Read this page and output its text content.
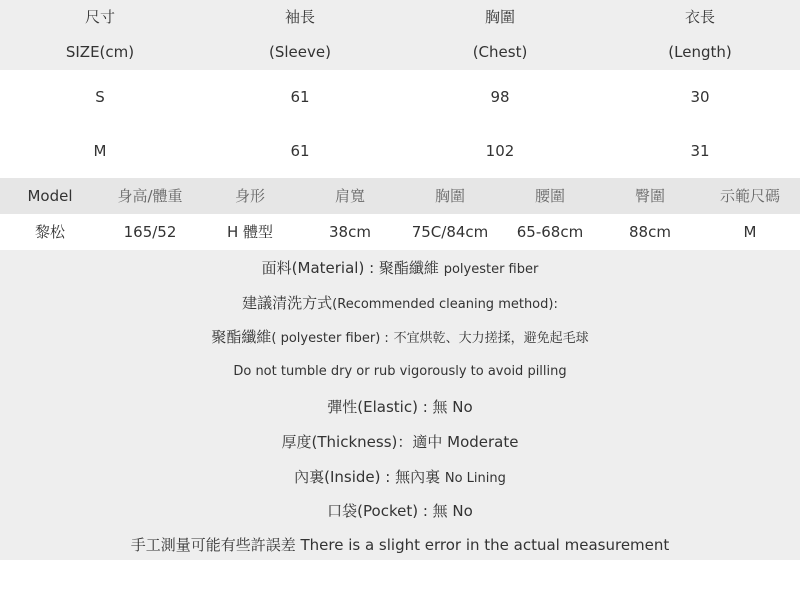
尺寸	袖長	胸圍	衣長
SIZE(cm)	(Sleeve)	(Chest)	(Length)
S	61	98	30
M	61	102	31
Model	身高/體重	身形	肩寬	胸圍	腰圍	臀圍	示範尺碼
黎松	165/52	H 體型	38cm	75C/84cm	65-68cm	88cm	M
面料(Material) : 聚酯纖維 polyester fiber
建議清洗方式(Recommended cleaning method):
聚酯纖維( polyester fiber) : 不宜烘乾、大力搓揉，避免起毛球
Do not tumble dry or rub vigorously to avoid pilling
彈性(Elastic) : 無 No
厚度(Thickness)：適中 Moderate
內裏(Inside) : 無內裏 No Lining
口袋(Pocket) : 無 No
手工測量可能有些許誤差 There is a slight error in the actual measurement
